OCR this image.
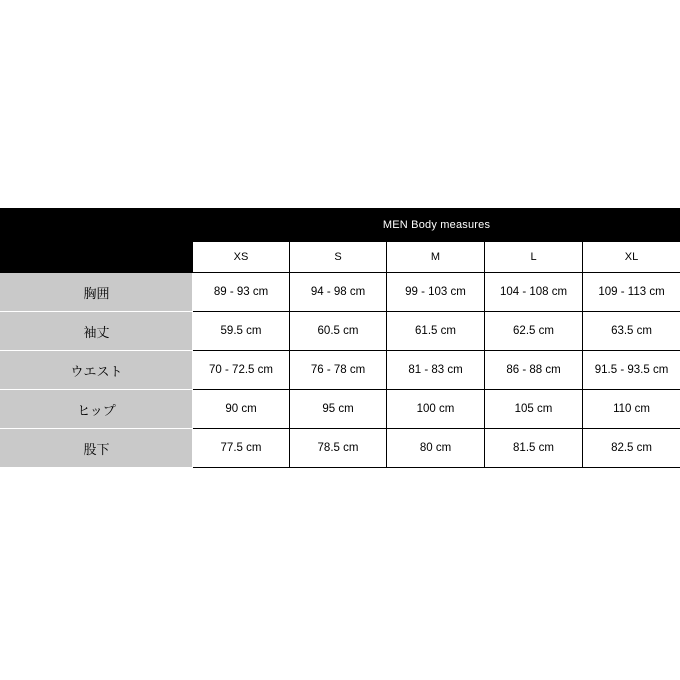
	MEN Body measures				
	XS	S	M	L	XL
胸囲	89 - 93 cm	94 - 98 cm	99 - 103 cm	104 - 108 cm	109 - 113 cm
袖丈	59.5 cm	60.5 cm	61.5 cm	62.5 cm	63.5 cm
ウエスト	70 - 72.5 cm	76 - 78 cm	81 - 83 cm	86 - 88 cm	91.5 - 93.5 cm
ヒップ	90 cm	95 cm	100 cm	105 cm	110 cm
股下	77.5 cm	78.5 cm	80 cm	81.5 cm	82.5 cm
